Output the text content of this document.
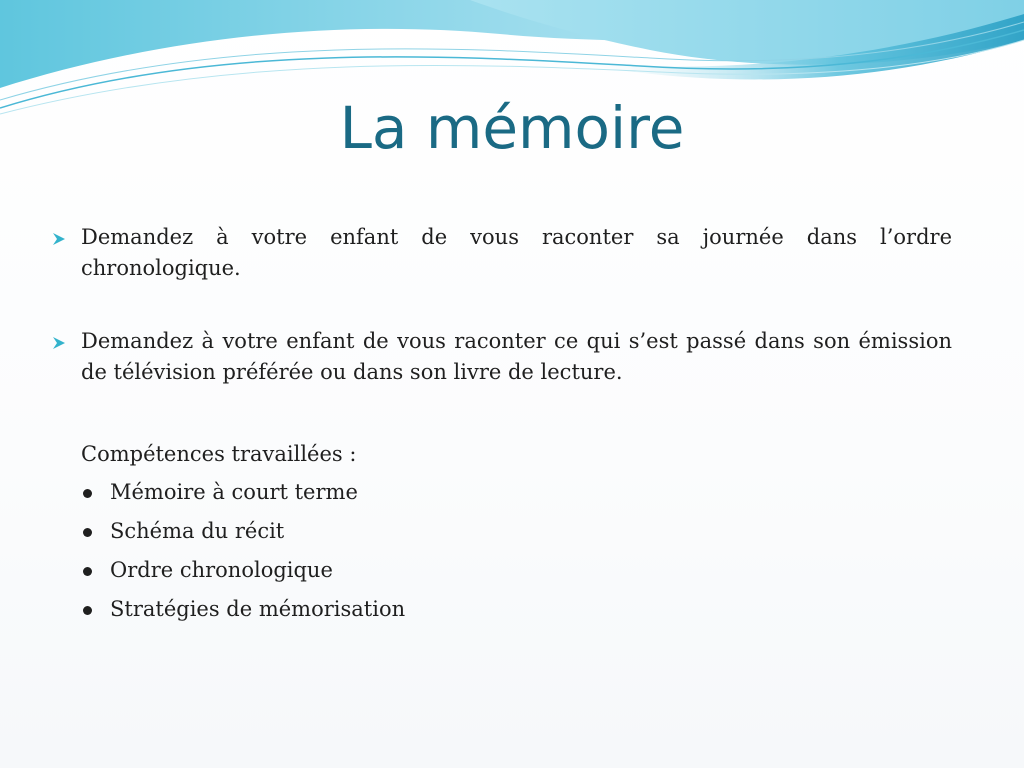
La mémoire
Demandez à votre enfant de vous raconter sa journée dans l’ordre chronologique.
Demandez à votre enfant de vous raconter ce qui s’est passé dans son émission de télévision préférée ou dans son livre de lecture.
Compétences travaillées :
Mémoire à court terme
Schéma du récit
Ordre chronologique
Stratégies de mémorisation
